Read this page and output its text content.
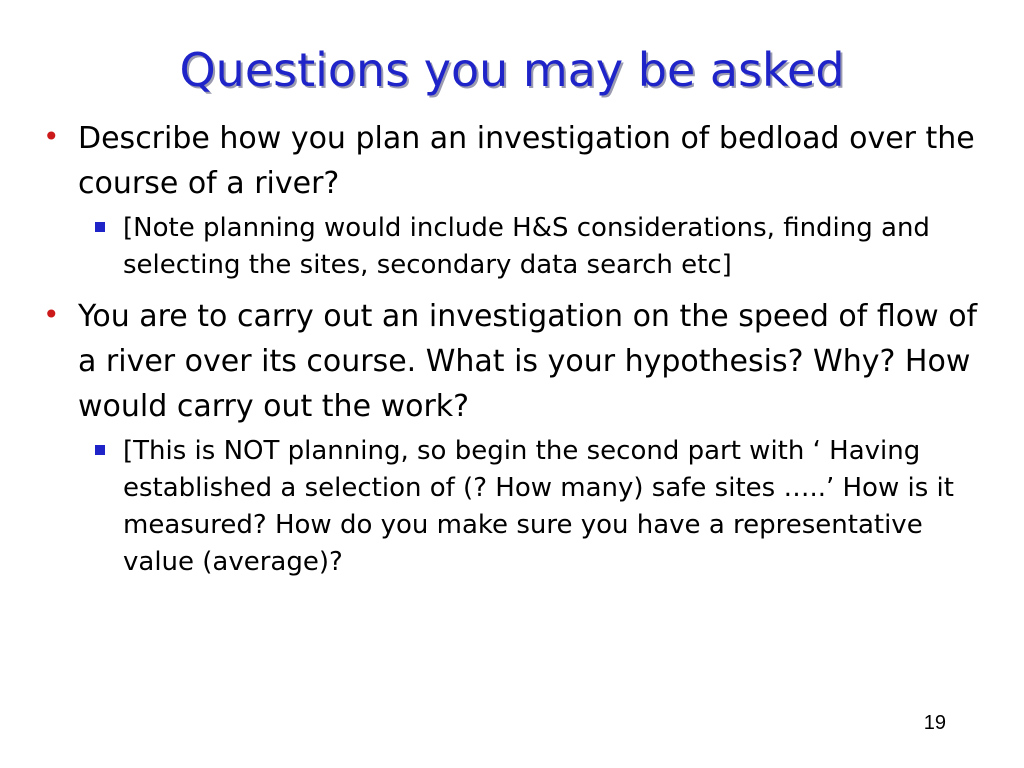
Questions you may be asked
• Describe how you plan an investigation of bedload over the course of a river?
[Note planning would include H&S considerations, finding and selecting the sites, secondary data search etc]
• You are to carry out an investigation on the speed of flow of a river over its course. What is your hypothesis? Why? How would carry out the work?
[This is NOT planning, so begin the second part with ‘ Having established a selection of (? How many) safe sites …..’ How is it measured? How do you make sure you have a representative value (average)?
19
